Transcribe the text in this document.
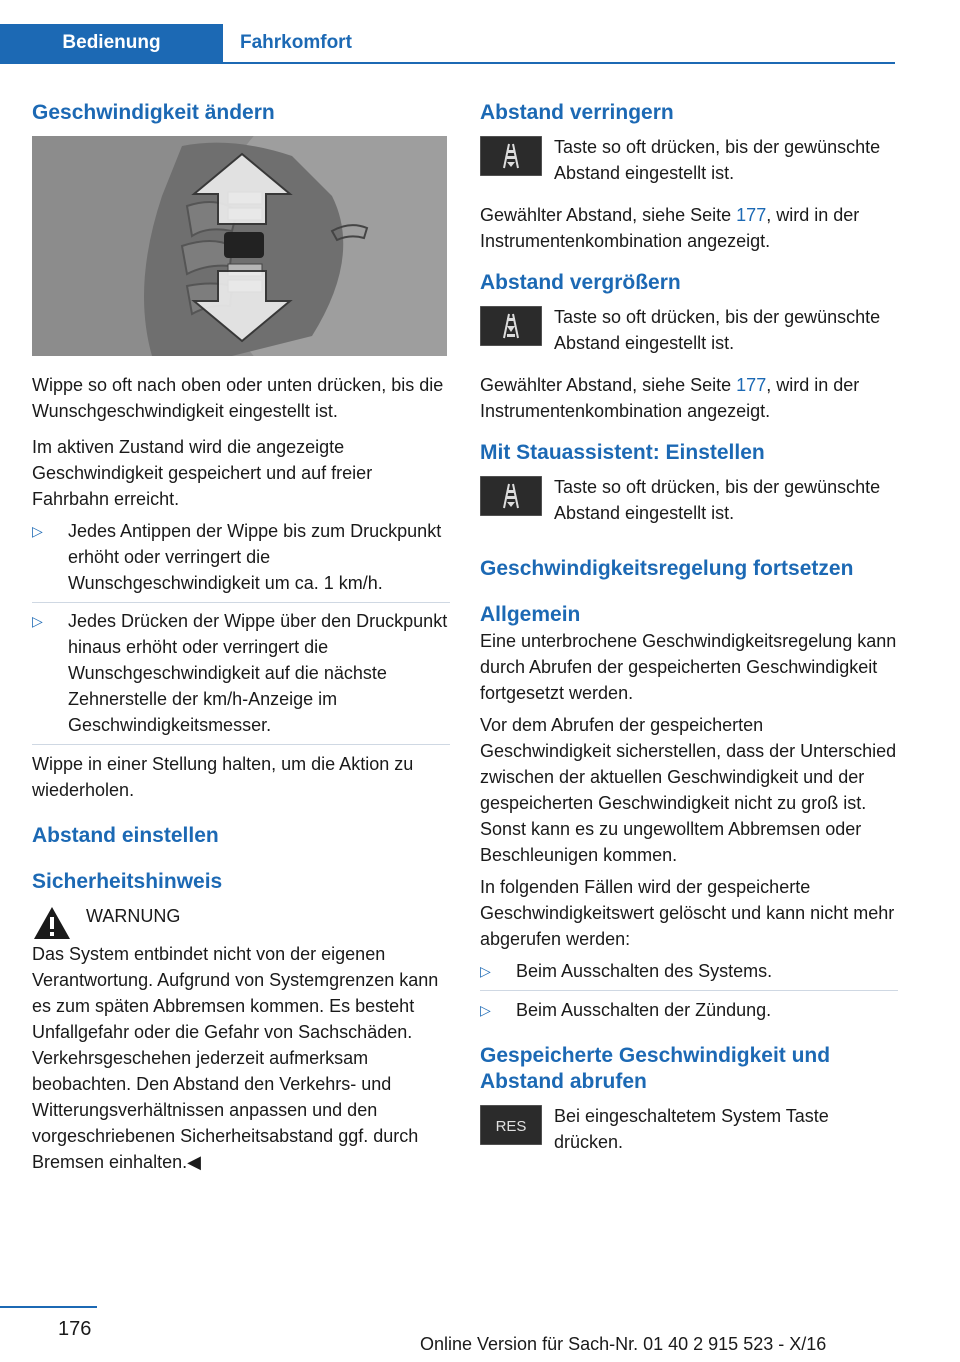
Bedienung	Fahrkomfort
Geschwindigkeit ändern

Wippe so oft nach oben oder unten drücken, bis die Wunschgeschwindigkeit eingestellt ist.

Im aktiven Zustand wird die angezeigte Geschwindigkeit gespeichert und auf freier Fahrbahn erreicht.

▷ Jedes Antippen der Wippe bis zum Druckpunkt erhöht oder verringert die Wunschgeschwindigkeit um ca. 1 km/h.
▷ Jedes Drücken der Wippe über den Druckpunkt hinaus erhöht oder verringert die Wunschgeschwindigkeit auf die nächste Zehnerstelle der km/h-Anzeige im Geschwindigkeitsmesser.

Wippe in einer Stellung halten, um die Aktion zu wiederholen.

Abstand einstellen
Sicherheitshinweis

WARNUNG

Das System entbindet nicht von der eigenen Verantwortung. Aufgrund von Systemgrenzen kann es zum späten Abbremsen kommen. Es besteht Unfallgefahr oder die Gefahr von Sachschäden. Verkehrsgeschehen jederzeit aufmerksam beobachten. Den Abstand den Verkehrs- und Witterungsverhältnissen anpassen und den vorgeschriebenen Sicherheitsabstand ggf. durch Bremsen einhalten.◀

Abstand verringern
Taste so oft drücken, bis der gewünschte Abstand eingestellt ist.

Gewählter Abstand, siehe Seite 177, wird in der Instrumentenkombination angezeigt.

Abstand vergrößern
Taste so oft drücken, bis der gewünschte Abstand eingestellt ist.

Gewählter Abstand, siehe Seite 177, wird in der Instrumentenkombination angezeigt.

Mit Stauassistent: Einstellen
Taste so oft drücken, bis der gewünschte Abstand eingestellt ist.
Geschwindigkeitsregelung fortsetzen
Allgemein

Eine unterbrochene Geschwindigkeitsregelung kann durch Abrufen der gespeicherten Geschwindigkeit fortgesetzt werden.

Vor dem Abrufen der gespeicherten Geschwindigkeit sicherstellen, dass der Unterschied zwischen der aktuellen Geschwindigkeit und der gespeicherten Geschwindigkeit nicht zu groß ist. Sonst kann es zu ungewolltem Abbremsen oder Beschleunigen kommen.

In folgenden Fällen wird der gespeicherte Geschwindigkeitswert gelöscht und kann nicht mehr abgerufen werden:

▷ Beim Ausschalten des Systems.
▷ Beim Ausschalten der Zündung.
Gespeicherte Geschwindigkeit und Abstand abrufen
RES
Bei eingeschaltetem System Taste drücken.
176
Online Version für Sach-Nr. 01 40 2 915 523 - X/16
